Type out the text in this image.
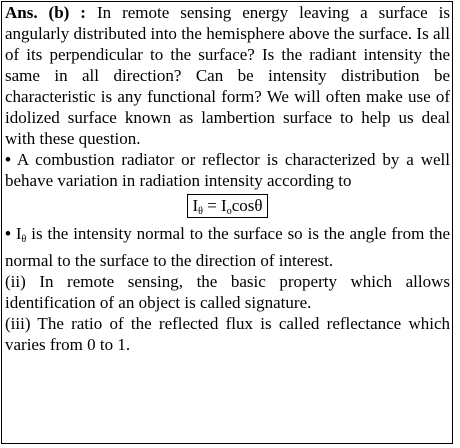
Ans. (b) : In remote sensing energy leaving a surface is angularly distributed into the hemisphere above the surface. Is all of its perpendicular to the surface? Is the radiant intensity the same in all direction? Can be intensity distribution be characteristic is any functional form? We will often make use of idolized surface known as lambertion surface to help us deal with these question.

• A combustion radiator or reflector is characterized by a well behave variation in radiation intensity according to

$I_\theta = I_o\cos\theta$

• $I_\theta$ is the intensity normal to the surface so is the angle from the normal to the surface to the direction of interest.

(ii) In remote sensing, the basic property which allows identification of an object is called signature.

(iii) The ratio of the reflected flux is called reflectance which varies from 0 to 1.
